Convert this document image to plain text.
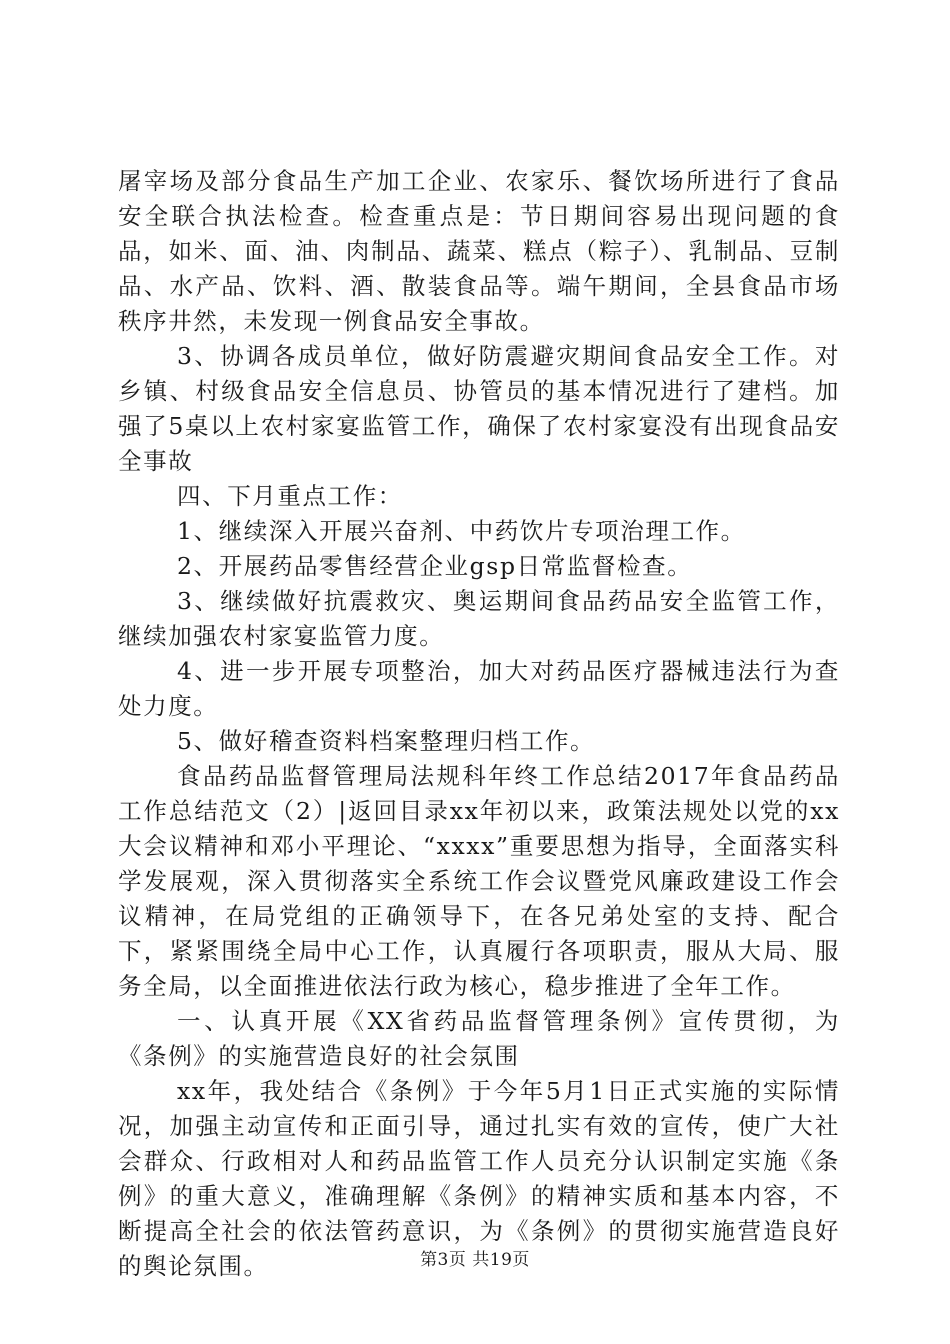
屠宰场及部分食品生产加工企业、农家乐、餐饮场所进行了食品安全联合执法检查。检查重点是：节日期间容易出现问题的食品，如米、面、油、肉制品、蔬菜、糕点（粽子）、乳制品、豆制品、水产品、饮料、酒、散装食品等。端午期间，全县食品市场秩序井然，未发现一例食品安全事故。

3、协调各成员单位，做好防震避灾期间食品安全工作。对乡镇、村级食品安全信息员、协管员的基本情况进行了建档。加强了5桌以上农村家宴监管工作，确保了农村家宴没有出现食品安全事故

四、下月重点工作：

1、继续深入开展兴奋剂、中药饮片专项治理工作。

2、开展药品零售经营企业gsp日常监督检查。

3、继续做好抗震救灾、奥运期间食品药品安全监管工作，继续加强农村家宴监管力度。

4、进一步开展专项整治，加大对药品医疗器械违法行为查处力度。

5、做好稽查资料档案整理归档工作。

食品药品监督管理局法规科年终工作总结2017年食品药品工作总结范文（2）|返回目录xx年初以来，政策法规处以党的xx大会议精神和邓小平理论、“xxxx”重要思想为指导，全面落实科学发展观，深入贯彻落实全系统工作会议暨党风廉政建设工作会议精神，在局党组的正确领导下，在各兄弟处室的支持、配合下，紧紧围绕全局中心工作，认真履行各项职责，服从大局、服务全局，以全面推进依法行政为核心，稳步推进了全年工作。

一、认真开展《XX省药品监督管理条例》宣传贯彻，为《条例》的实施营造良好的社会氛围

xx年，我处结合《条例》于今年5月1日正式实施的实际情况，加强主动宣传和正面引导，通过扎实有效的宣传，使广大社会群众、行政相对人和药品监管工作人员充分认识制定实施《条例》的重大意义，准确理解《条例》的精神实质和基本内容，不断提高全社会的依法管药意识，为《条例》的贯彻实施营造良好的舆论氛围。	第3页 共19页
